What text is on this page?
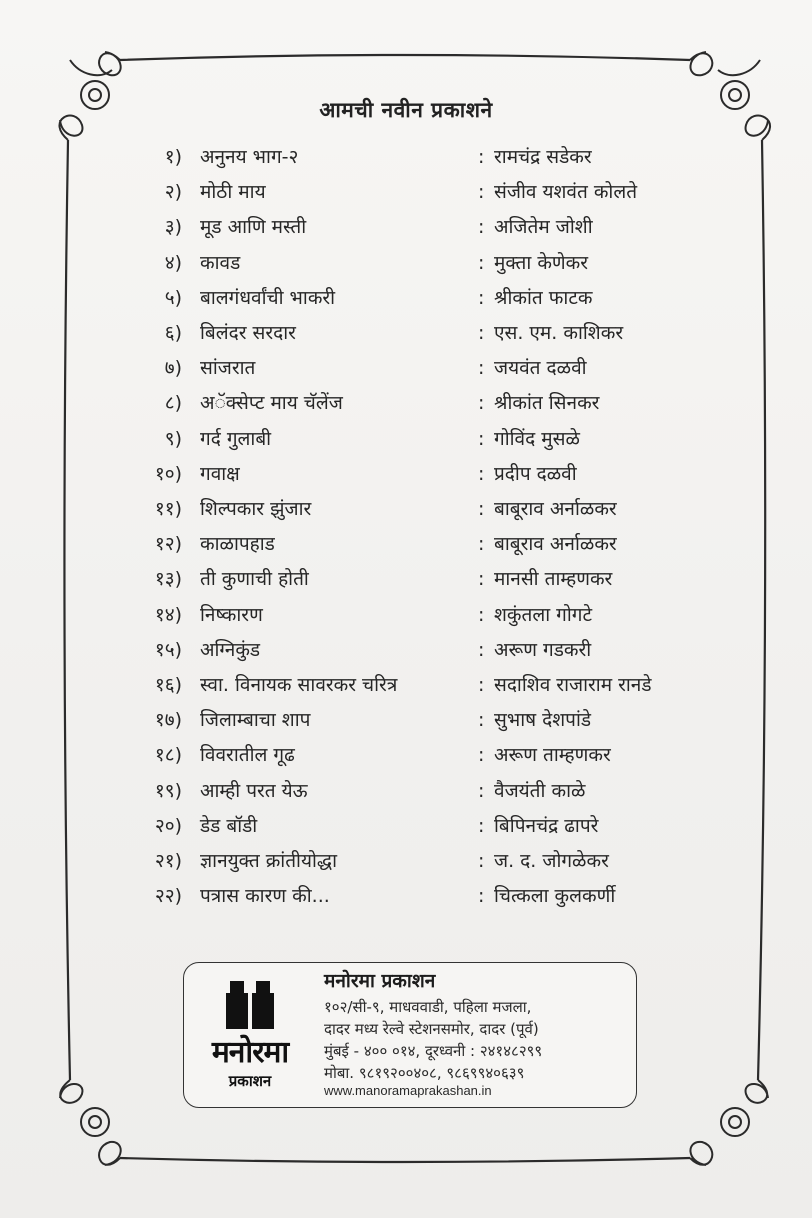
आमची नवीन प्रकाशने
१) अनुनय भाग-२	: रामचंद्र सडेकर
२) मोठी माय	: संजीव यशवंत कोलते
३) मूड आणि मस्ती	: अजितेम जोशी
४) कावड	: मुक्ता केणेकर
५) बालगंधर्वांची भाकरी	: श्रीकांत फाटक
६) बिलंदर सरदार	: एस. एम. काशिकर
७) सांजरात	: जयवंत दळवी
८) अॅक्सेप्ट माय चॅलेंज	: श्रीकांत सिनकर
९) गर्द गुलाबी	: गोविंद मुसळे
१०) गवाक्ष	: प्रदीप दळवी
११) शिल्पकार झुंजार	: बाबूराव अर्नाळकर
१२) काळापहाड	: बाबूराव अर्नाळकर
१३) ती कुणाची होती	: मानसी ताम्हणकर
१४) निष्कारण	: शकुंतला गोगटे
१५) अग्निकुंड	: अरूण गडकरी
१६) स्वा. विनायक सावरकर चरित्र	: सदाशिव राजाराम रानडे
१७) जिलाम्बाचा शाप	: सुभाष देशपांडे
१८) विवरातील गूढ	: अरूण ताम्हणकर
१९) आम्ही परत येऊ	: वैजयंती काळे
२०) डेड बॉडी	: बिपिनचंद्र ढापरे
२१) ज्ञानयुक्त क्रांतीयोद्धा	: ज. द. जोगळेकर
२२) पत्रास कारण की...	: चित्कला कुलकर्णी
मनोरमा
प्रकाशन
मनोरमा प्रकाशन
१०२/सी-९, माधववाडी, पहिला मजला,
दादर मध्य रेल्वे स्टेशनसमोर, दादर (पूर्व)
मुंबई - ४०० ०१४, दूरध्वनी : २४१४८२९९
मोबा. ९८१९२००४०८, ९८६९९४०६३९
www.manoramaprakashan.in
